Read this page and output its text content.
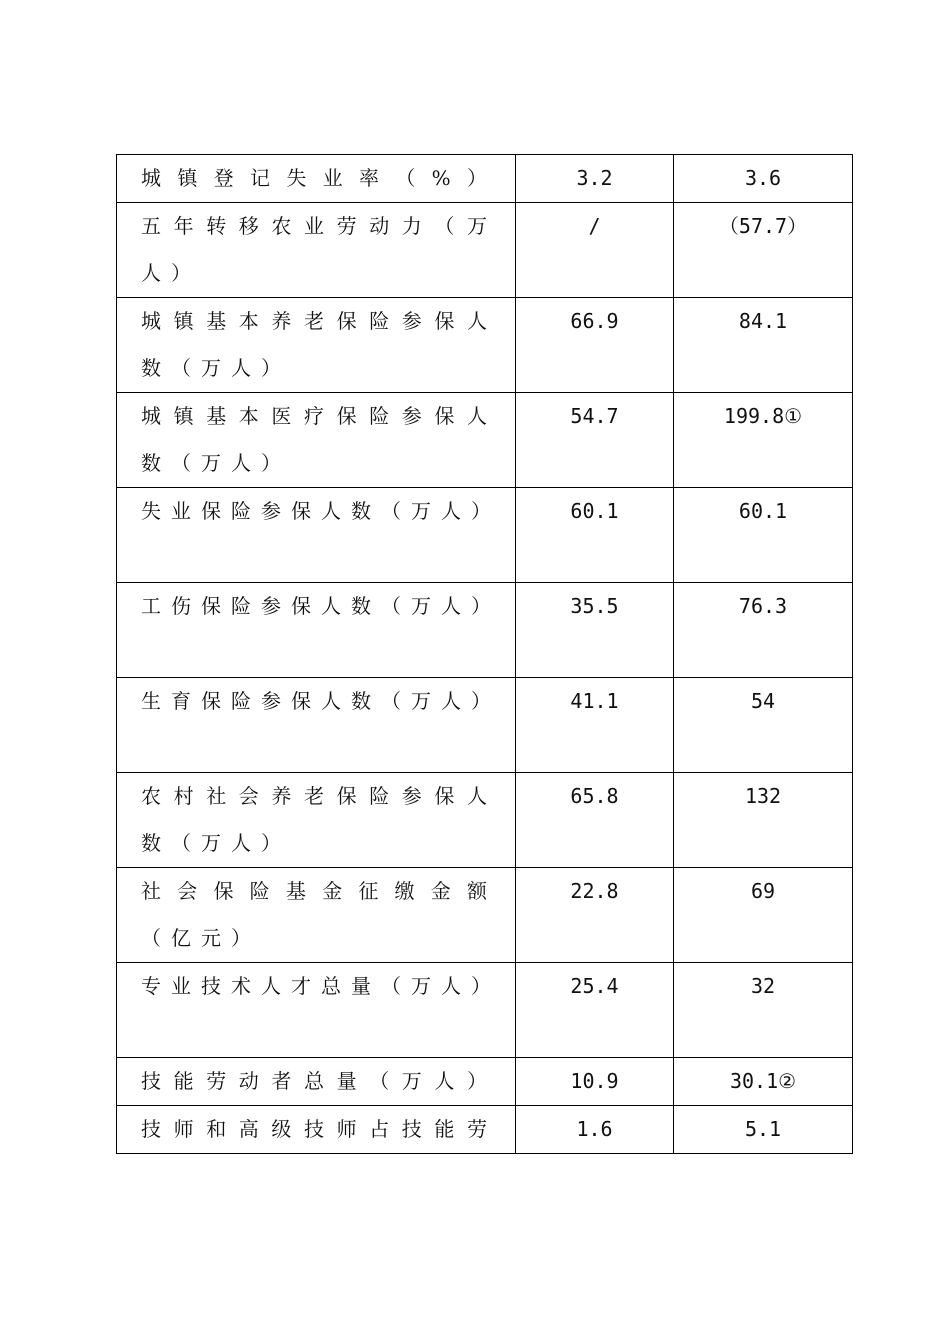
城镇登记失业率（%）	3.2	3.6
五年转移农业劳动力（万人）	/	（57.7）
城镇基本养老保险参保人数（万人）	66.9	84.1
城镇基本医疗保险参保人数（万人）	54.7	199.8①
失业保险参保人数（万人）	60.1	60.1
工伤保险参保人数（万人）	35.5	76.3
生育保险参保人数（万人）	41.1	54
农村社会养老保险参保人数（万人）	65.8	132
社会保险基金征缴金额（亿元）	22.8	69
专业技术人才总量（万人）	25.4	32
技能劳动者总量（万人）	10.9	30.1②
技师和高级技师占技能劳	1.6	5.1
